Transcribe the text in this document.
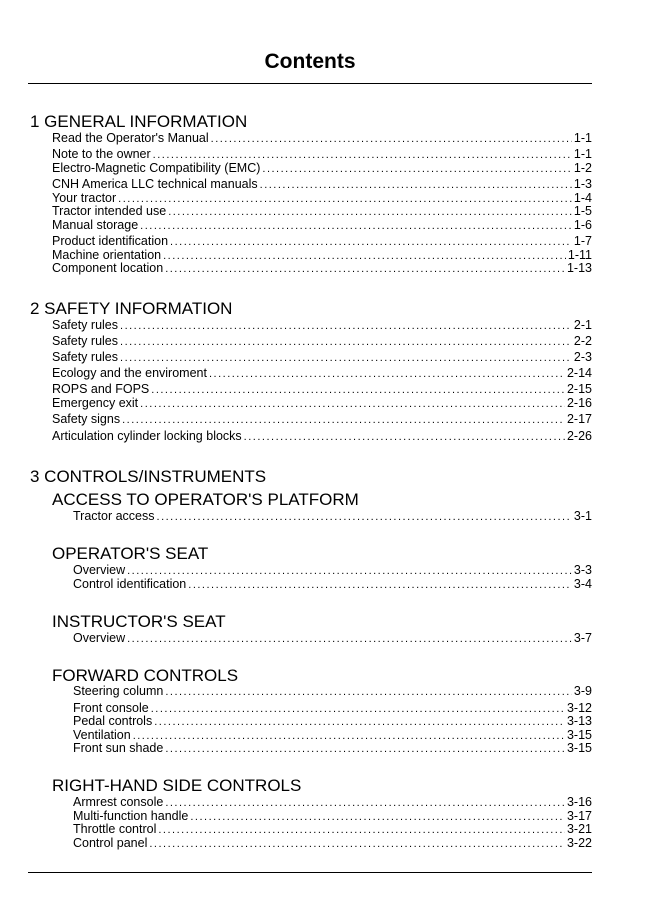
Contents
1 GENERAL INFORMATION
Read the Operator's Manual .....	1-1
Note to the owner .....	1-1
Electro-Magnetic Compatibility (EMC) .....	1-2
CNH America LLC technical manuals .....	1-3
Your tractor .....	1-4
Tractor intended use .....	1-5
Manual storage .....	1-6
Product identification .....	1-7
Machine orientation .....	1-11
Component location .....	1-13
2 SAFETY INFORMATION
Safety rules .....	2-1
Safety rules .....	2-2
Safety rules .....	2-3
Ecology and the enviroment .....	2-14
ROPS and FOPS .....	2-15
Emergency exit .....	2-16
Safety signs .....	2-17
Articulation cylinder locking blocks .....	2-26
3 CONTROLS/INSTRUMENTS
ACCESS TO OPERATOR'S PLATFORM
Tractor access .....	3-1
OPERATOR'S SEAT
Overview .....	3-3
Control identification .....	3-4
INSTRUCTOR'S SEAT
Overview .....	3-7
FORWARD CONTROLS
Steering column .....	3-9
Front console .....	3-12
Pedal controls .....	3-13
Ventilation .....	3-15
Front sun shade .....	3-15
RIGHT-HAND SIDE CONTROLS
Armrest console .....	3-16
Multi-function handle .....	3-17
Throttle control .....	3-21
Control panel .....	3-22
